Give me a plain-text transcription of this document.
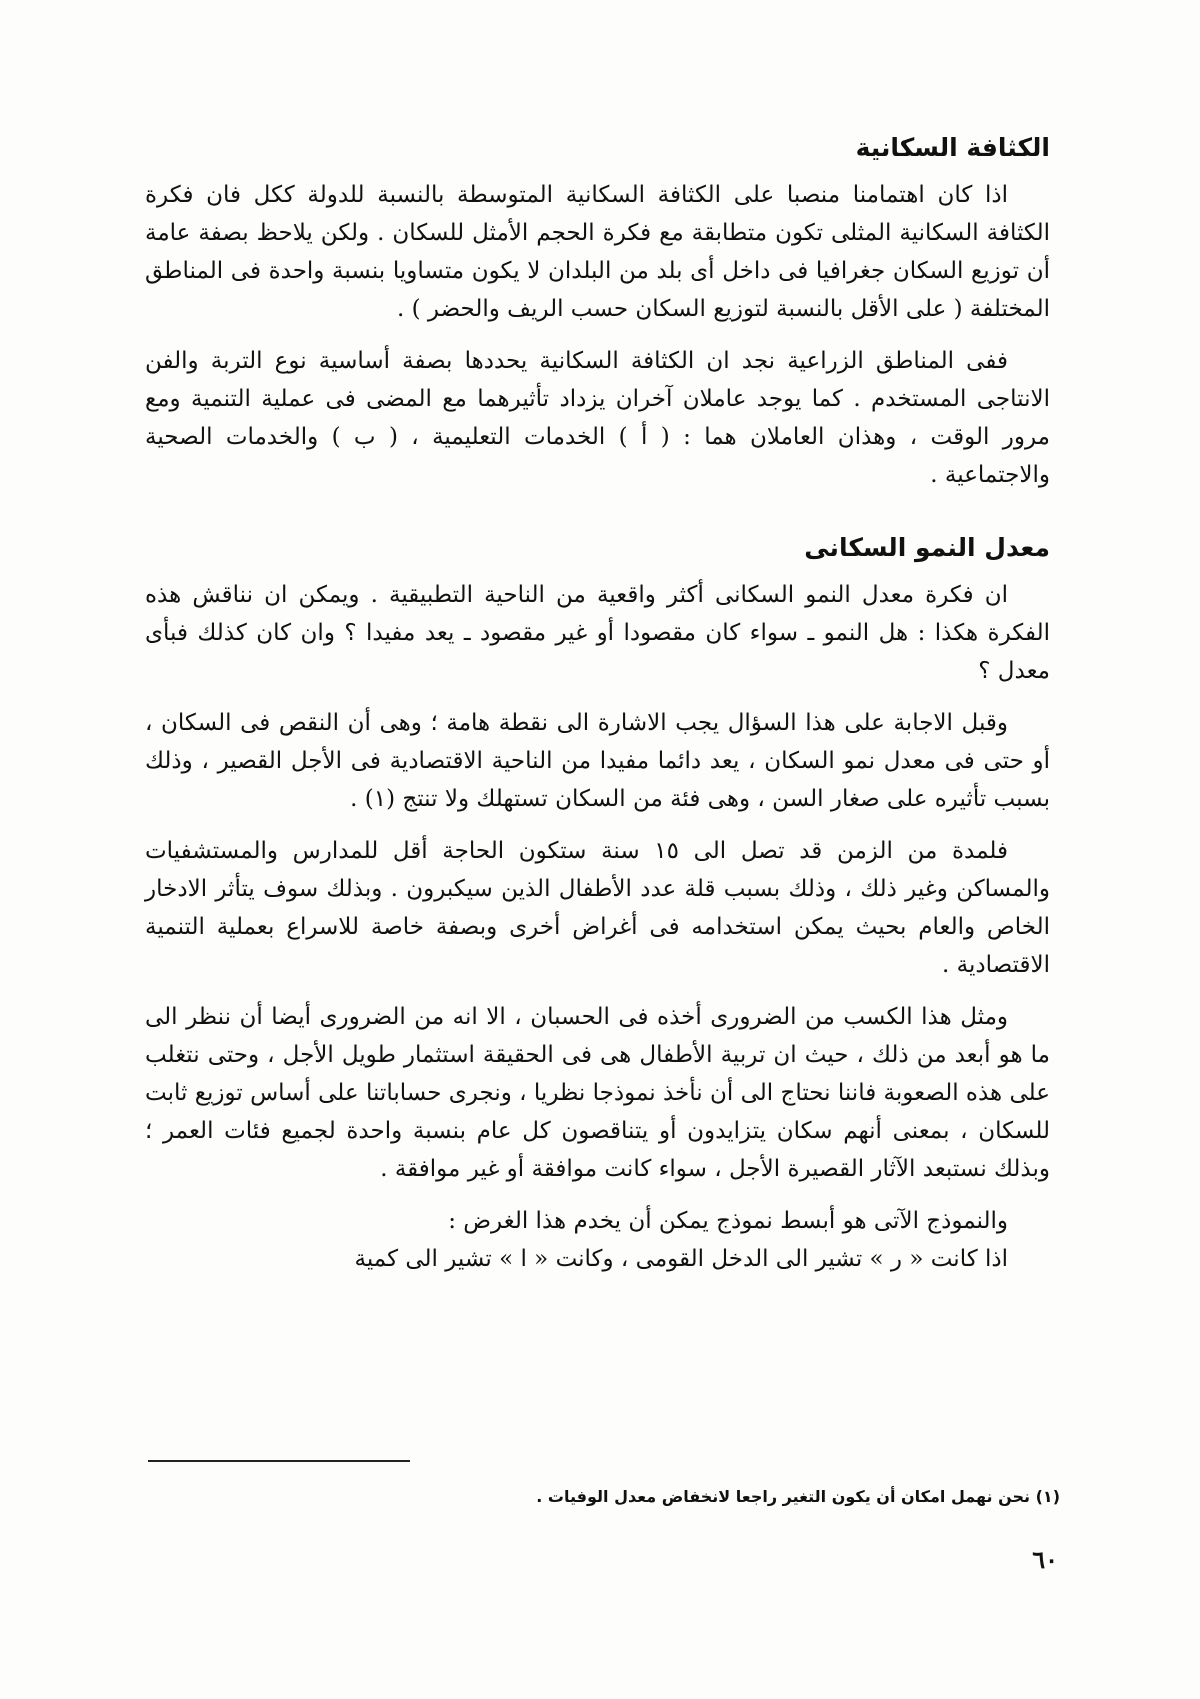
الكثافة السكانية

اذا كان اهتمامنا منصبا على الكثافة السكانية المتوسطة بالنسبة للدولة ككل فان فكرة الكثافة السكانية المثلى تكون متطابقة مع فكرة الحجم الأمثل للسكان . ولكن يلاحظ بصفة عامة أن توزيع السكان جغرافيا فى داخل أى بلد من البلدان لا يكون متساويا بنسبة واحدة فى المناطق المختلفة ( على الأقل بالنسبة لتوزيع السكان حسب الريف والحضر ) .

ففى المناطق الزراعية نجد ان الكثافة السكانية يحددها بصفة أساسية نوع التربة والفن الانتاجى المستخدم . كما يوجد عاملان آخران يزداد تأثيرهما مع المضى فى عملية التنمية ومع مرور الوقت ، وهذان العاملان هما : ( أ ) الخدمات التعليمية ، ( ب ) والخدمات الصحية والاجتماعية .

معدل النمو السكانى

ان فكرة معدل النمو السكانى أكثر واقعية من الناحية التطبيقية . ويمكن ان نناقش هذه الفكرة هكذا : هل النمو ـ سواء كان مقصودا أو غير مقصود ـ يعد مفيدا ؟ وان كان كذلك فبأى معدل ؟

وقبل الاجابة على هذا السؤال يجب الاشارة الى نقطة هامة ؛ وهى أن النقص فى السكان ، أو حتى فى معدل نمو السكان ، يعد دائما مفيدا من الناحية الاقتصادية فى الأجل القصير ، وذلك بسبب تأثيره على صغار السن ، وهى فئة من السكان تستهلك ولا تنتج (١) .

فلمدة من الزمن قد تصل الى ١٥ سنة ستكون الحاجة أقل للمدارس والمستشفيات والمساكن وغير ذلك ، وذلك بسبب قلة عدد الأطفال الذين سيكبرون . وبذلك سوف يتأثر الادخار الخاص والعام بحيث يمكن استخدامه فى أغراض أخرى وبصفة خاصة للاسراع بعملية التنمية الاقتصادية .

ومثل هذا الكسب من الضرورى أخذه فى الحسبان ، الا انه من الضرورى أيضا أن ننظر الى ما هو أبعد من ذلك ، حيث ان تربية الأطفال هى فى الحقيقة استثمار طويل الأجل ، وحتى نتغلب على هذه الصعوبة فاننا نحتاج الى أن نأخذ نموذجا نظريا ، ونجرى حساباتنا على أساس توزيع ثابت للسكان ، بمعنى أنهم سكان يتزايدون أو يتناقصون كل عام بنسبة واحدة لجميع فئات العمر ؛ وبذلك نستبعد الآثار القصيرة الأجل ، سواء كانت موافقة أو غير موافقة .

والنموذج الآتى هو أبسط نموذج يمكن أن يخدم هذا الغرض :

اذا كانت « ر » تشير الى الدخل القومى ، وكانت « ا » تشير الى كمية

(١) نحن نهمل امكان أن يكون التغير راجعا لانخفاض معدل الوفيات .
٦٠
